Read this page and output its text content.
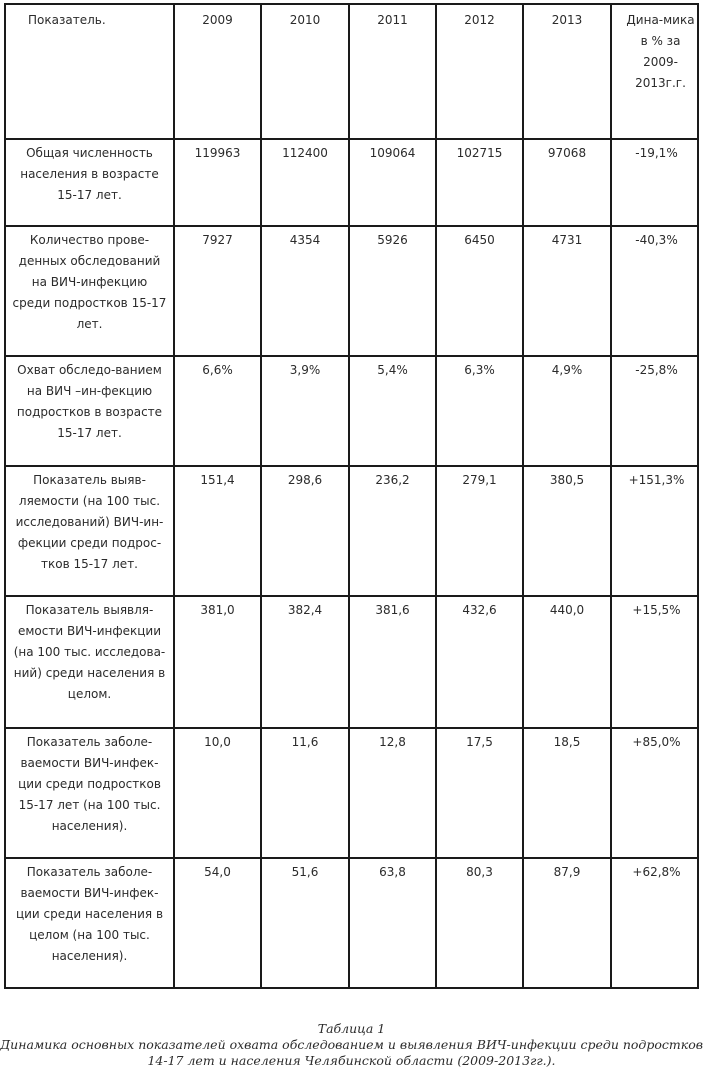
Показатель.	2009	2010	2011	2012	2013	Дина-мика в % за 2009-2013г.г.
Общая численность населения в возрасте 15-17 лет.	119963	112400	109064	102715	97068	-19,1%
Количество прове-денных обследований на ВИЧ-инфекцию среди подростков 15-17 лет.	7927	4354	5926	6450	4731	-40,3%
Охват обследо-ванием на ВИЧ –ин-фекцию подростков в возрасте 15-17 лет.	6,6%	3,9%	5,4%	6,3%	4,9%	-25,8%
Показатель выяв-ляемости (на 100 тыс. исследований) ВИЧ-ин-фекции среди подрос-тков 15-17 лет.	151,4	298,6	236,2	279,1	380,5	+151,3%
Показатель выявля-емости ВИЧ-инфекции (на 100 тыс. исследова-ний) среди населения в целом.	381,0	382,4	381,6	432,6	440,0	+15,5%
Показатель заболе-ваемости ВИЧ-инфек-ции среди подростков 15-17 лет (на 100 тыс. населения).	10,0	11,6	12,8	17,5	18,5	+85,0%
Показатель заболе-ваемости ВИЧ-инфек-ции среди населения в целом (на 100 тыс. населения).	54,0	51,6	63,8	80,3	87,9	+62,8%
Таблица 1
Динамика основных показателей охвата обследованием и выявления ВИЧ-инфекции среди подростков
14-17 лет и населения Челябинской области (2009-2013гг.).
